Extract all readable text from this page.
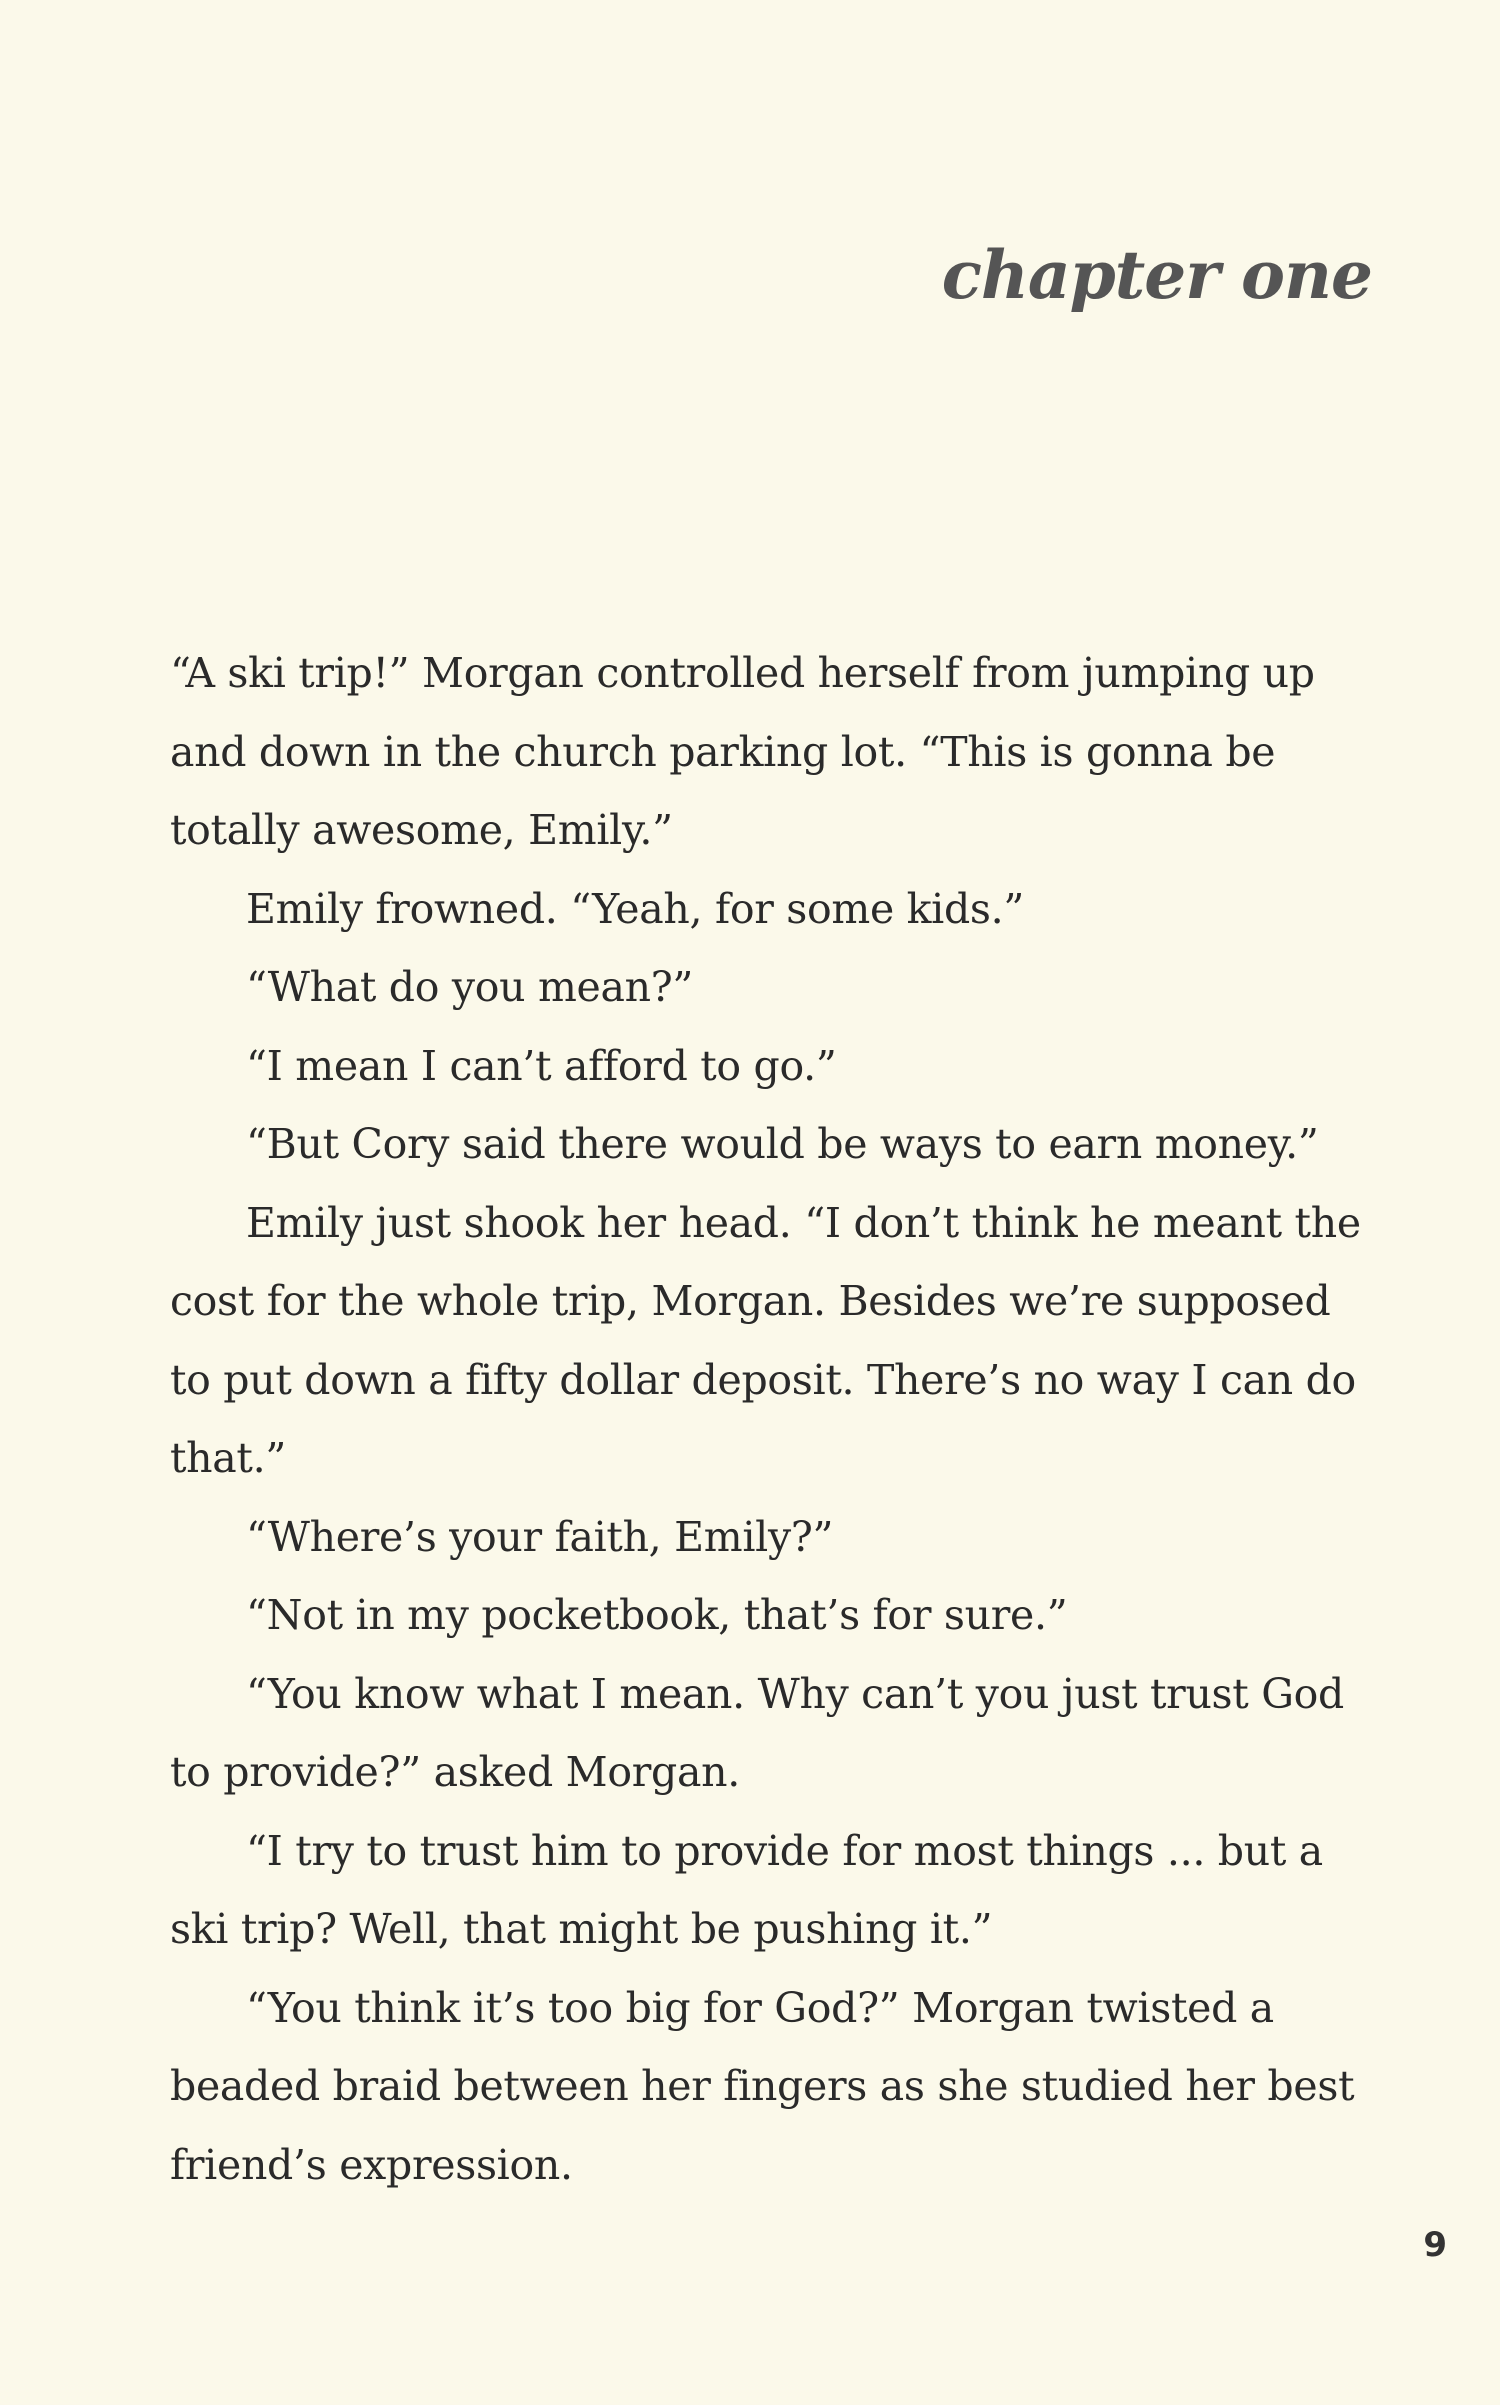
chapter one

“A ski trip!” Morgan controlled herself from jumping up and down in the church parking lot. “This is gonna be totally awesome, Emily.”

Emily frowned. “Yeah, for some kids.”

“What do you mean?”

“I mean I can’t afford to go.”

“But Cory said there would be ways to earn money.”

Emily just shook her head. “I don’t think he meant the cost for the whole trip, Morgan. Besides we’re supposed to put down a fifty dollar deposit. There’s no way I can do that.”

“Where’s your faith, Emily?”

“Not in my pocketbook, that’s for sure.”

“You know what I mean. Why can’t you just trust God to provide?” asked Morgan.

“I try to trust him to provide for most things ... but a ski trip? Well, that might be pushing it.”

“You think it’s too big for God?” Morgan twisted a beaded braid between her fingers as she studied her best friend’s expression.

9
